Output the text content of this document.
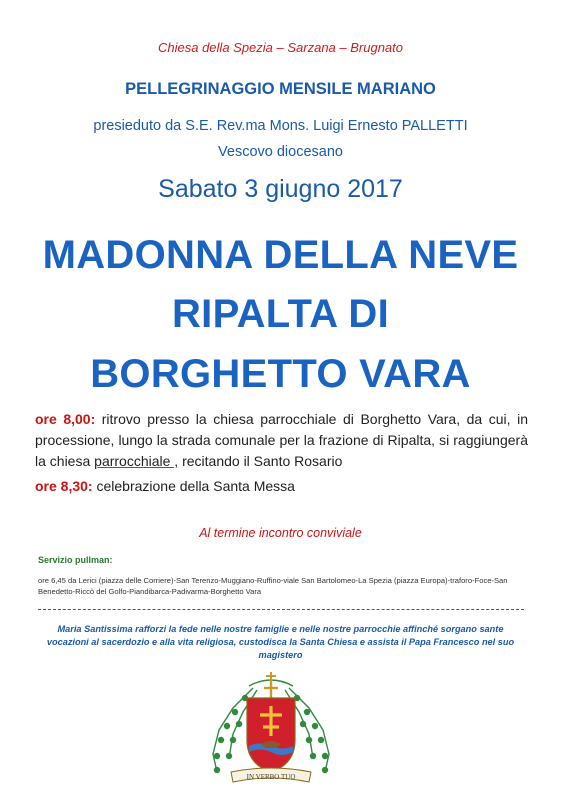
Chiesa della Spezia – Sarzana – Brugnato

PELLEGRINAGGIO MENSILE MARIANO

presieduto da S.E. Rev.ma Mons. Luigi Ernesto PALLETTI

Vescovo diocesano

Sabato 3 giugno 2017

MADONNA DELLA NEVE

RIPALTA DI

BORGHETTO VARA

ore 8,00: ritrovo presso la chiesa parrocchiale di Borghetto Vara, da cui, in processione, lungo la strada comunale per la frazione di Ripalta, si raggiungerà la chiesa parrocchiale , recitando il Santo Rosario

ore 8,30: celebrazione della Santa Messa

Al termine incontro conviviale

Servizio pullman:

ore 6,45 da Lerici (piazza delle Corriere)-San Terenzo-Muggiano-Ruffino-viale San Bartolomeo-La Spezia (piazza Europa)-traforo-Foce-San Benedetto-Riccò del Golfo-Piandibarca-Padivarma-Borghetto Vara

Maria Santissima rafforzi la fede nelle nostre famiglie e nelle nostre parrocchie affinché sorgano sante vocazioni al sacerdozio e alla vita religiosa, custodisca la Santa Chiesa e assista il Papa Francesco nel suo magistero

IN VERBO TUO
